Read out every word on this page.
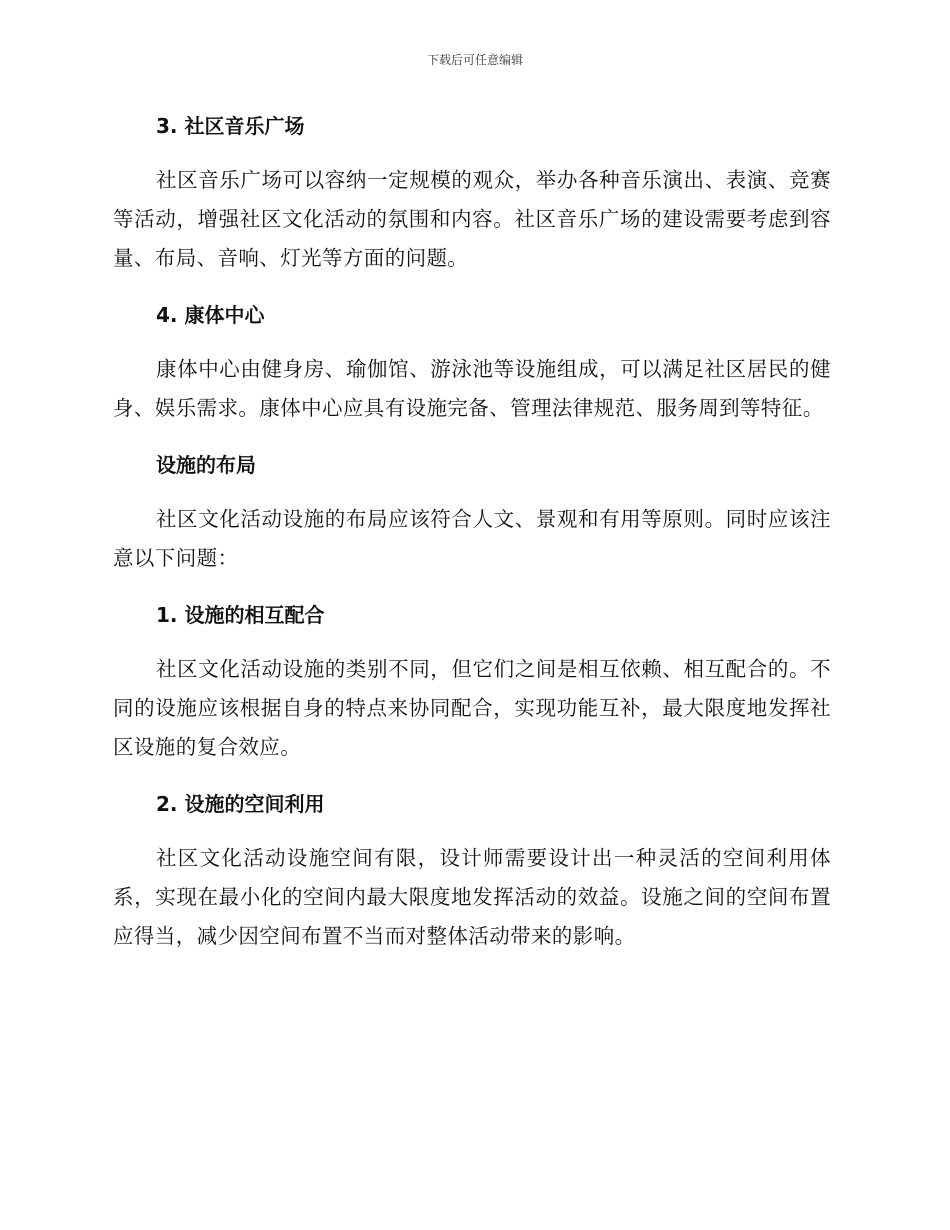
下载后可任意编辑
3. 社区音乐广场

社区音乐广场可以容纳一定规模的观众，举办各种音乐演出、表演、竞赛等活动，增强社区文化活动的氛围和内容。社区音乐广场的建设需要考虑到容量、布局、音响、灯光等方面的问题。

4. 康体中心

康体中心由健身房、瑜伽馆、游泳池等设施组成，可以满足社区居民的健身、娱乐需求。康体中心应具有设施完备、管理法律规范、服务周到等特征。

设施的布局

社区文化活动设施的布局应该符合人文、景观和有用等原则。同时应该注意以下问题：

1. 设施的相互配合

社区文化活动设施的类别不同，但它们之间是相互依赖、相互配合的。不同的设施应该根据自身的特点来协同配合，实现功能互补，最大限度地发挥社区设施的复合效应。

2. 设施的空间利用

社区文化活动设施空间有限，设计师需要设计出一种灵活的空间利用体系，实现在最小化的空间内最大限度地发挥活动的效益。设施之间的空间布置应得当，减少因空间布置不当而对整体活动带来的影响。
